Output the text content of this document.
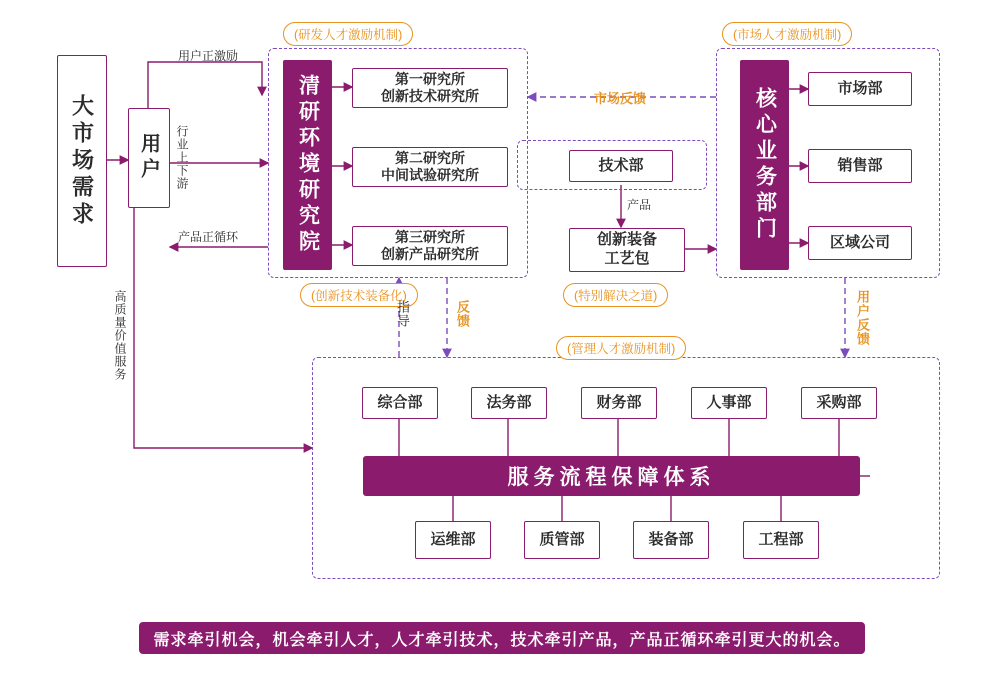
(研发人才激励机制)	(市场人才激励机制)
(创新技术装备化)	(特别解决之道)
(管理人才激励机制)
大市场需求	用户	清研环境研究院	核心业务部门
第一研究所
创新技术研究所
第二研究所
中间试验研究所
第三研究所
创新产品研究所
技术部
创新装备
工艺包
市场部
销售部
区域公司
综合部	法务部	财务部	人事部	采购部
服务流程保障体系
运维部	质管部	装备部	工程部
用户正激励
行业上下游
产品正循环
高质量价值服务
市场反馈
产品
指导	反馈	用户反馈
需求牵引机会，机会牵引人才，人才牵引技术，技术牵引产品，产品正循环牵引更大的机会。
